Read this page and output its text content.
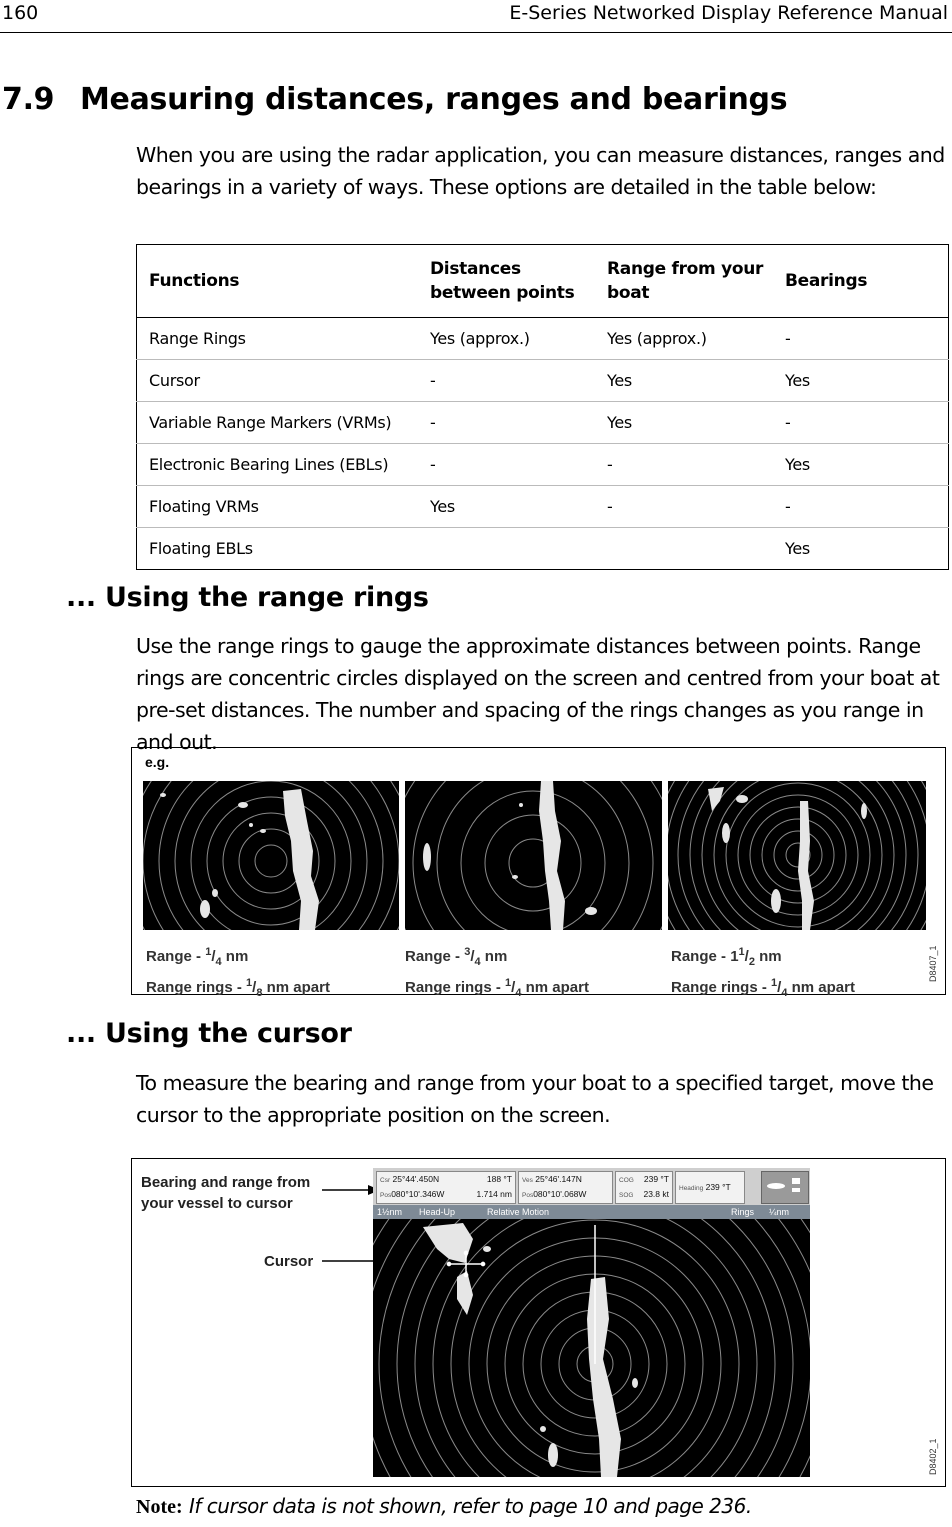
160	E-Series Networked Display Reference Manual
7.9 Measuring distances, ranges and bearings
When you are using the radar application, you can measure distances, ranges and bearings in a variety of ways. These options are detailed in the table below:
Functions	Distances between points	Range from your boat	Bearings
Range Rings	Yes (approx.)	Yes (approx.)	-
Cursor	-	Yes	Yes
Variable Range Markers (VRMs)	-	Yes	-
Electronic Bearing Lines (EBLs)	-	-	Yes
Floating VRMs	Yes	-	-
Floating EBLs			Yes
... Using the range rings
Use the range rings to gauge the approximate distances between points. Range rings are concentric circles displayed on the screen and centred from your boat at pre-set distances. The number and spacing of the rings changes as you range in and out.
e.g.
Range - $^1/_4$ nm
Range rings - $^1/_8$ nm apart
Range - $^3/_4$ nm
Range rings - $^1/_4$ nm apart
Range - $1^1/_2$ nm
Range rings - $^1/_4$ nm apart
D8407_1
... Using the cursor
To measure the bearing and range from your boat to a specified target, move the cursor to the appropriate position on the screen.
Bearing and range from your vessel to cursor
Cursor
Csr 25°44'.450N	188 °T
Pos080°10'.346W	1.714 nm
Ves 25°46'.147N
Pos080°10'.068W
COG 239 °T
SOG 23.8 kt
Heading 239 °T
1½nm Head-Up	Relative Motion	Rings ¼nm
D8402_1
Note: If cursor data is not shown, refer to page 10 and page 236.
